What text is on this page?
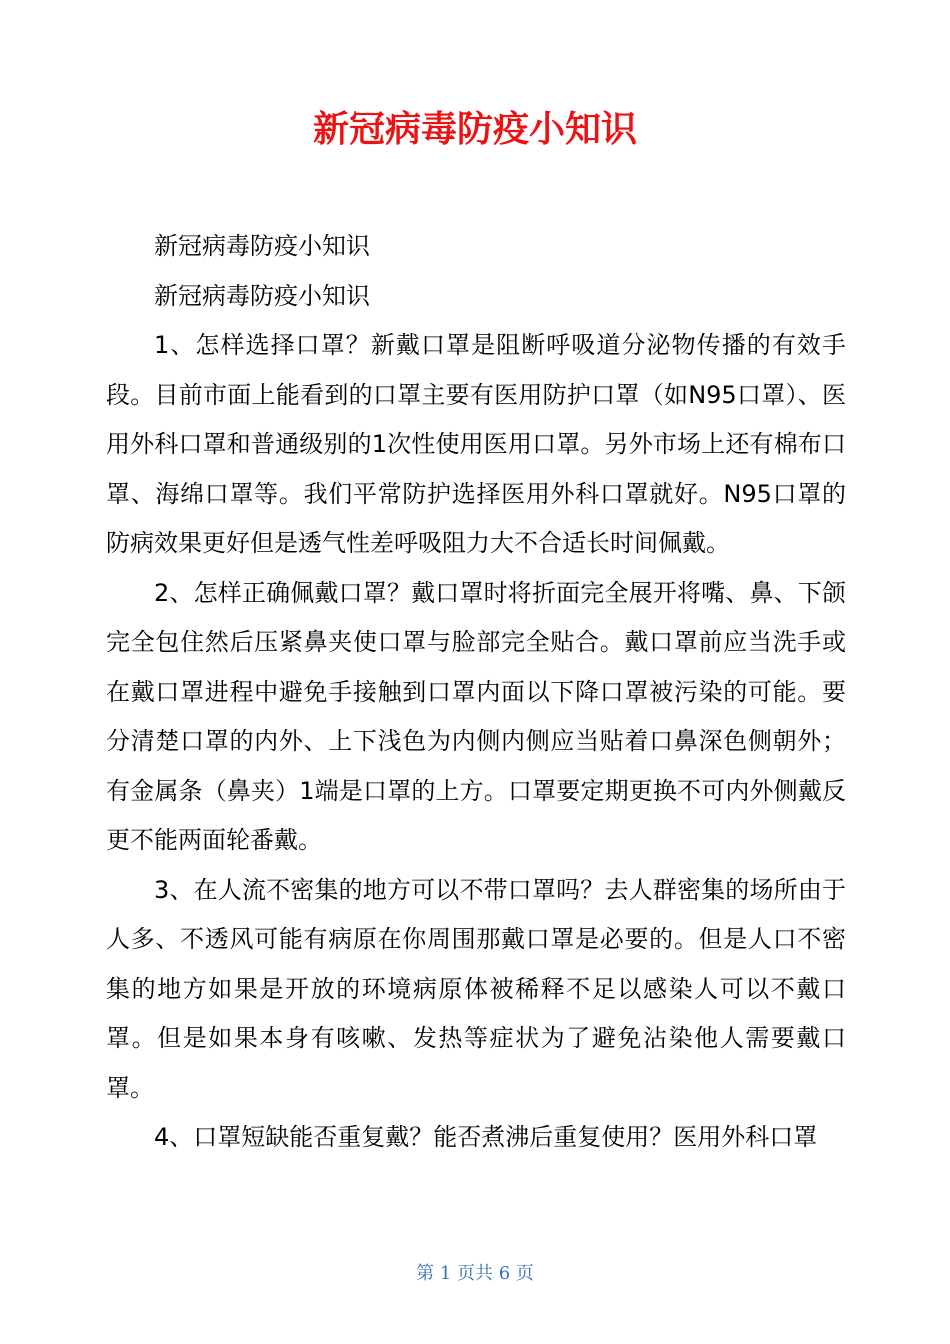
新冠病毒防疫小知识

新冠病毒防疫小知识

新冠病毒防疫小知识

1、怎样选择口罩？新戴口罩是阻断呼吸道分泌物传播的有效手段。目前市面上能看到的口罩主要有医用防护口罩（如N95口罩）、医用外科口罩和普通级别的1次性使用医用口罩。另外市场上还有棉布口罩、海绵口罩等。我们平常防护选择医用外科口罩就好。N95口罩的防病效果更好但是透气性差呼吸阻力大不合适长时间佩戴。

2、怎样正确佩戴口罩？戴口罩时将折面完全展开将嘴、鼻、下颌完全包住然后压紧鼻夹使口罩与脸部完全贴合。戴口罩前应当洗手或在戴口罩进程中避免手接触到口罩内面以下降口罩被污染的可能。要分清楚口罩的内外、上下浅色为内侧内侧应当贴着口鼻深色侧朝外；有金属条（鼻夹）1端是口罩的上方。口罩要定期更换不可内外侧戴反更不能两面轮番戴。

3、在人流不密集的地方可以不带口罩吗？去人群密集的场所由于人多、不透风可能有病原在你周围那戴口罩是必要的。但是人口不密集的地方如果是开放的环境病原体被稀释不足以感染人可以不戴口罩。但是如果本身有咳嗽、发热等症状为了避免沾染他人需要戴口罩。

4、口罩短缺能否重复戴？能否煮沸后重复使用？医用外科口罩

第 1 页共 6 页
